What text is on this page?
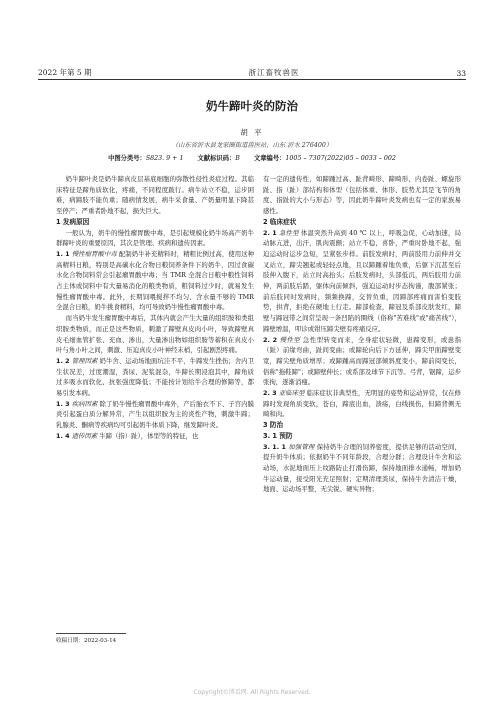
2022 年第 5 期	浙江畜牧兽医	33
奶牛蹄叶炎的防治
胡 平
（山东省沂水县龙家圈街道兽医站，山东 沂水 276400）
中图分类号：S823. 9 + 1 文献标识码：B 文章编号：1005 – 7307(2022)05 – 0033 – 002

奶牛蹄叶炎是奶牛蹄真皮层基底细胞的弥散性侵性炎症过程。其临床特征是蹄角质软化，疼痛，不同程度跛行。病牛站立不稳，运步困难，病蹄肢不能负重；随病情发展，病牛采食量、产奶量明显下降甚至停产；严重者卧地不起，损失巨大。

1 发病原因

一般认为，奶牛的慢性瘤胃酸中毒，是引起规模化奶牛场高产奶牛群蹄叶炎的重要原因，其次是管理、疾病和遗传因素。

1. 1 慢性瘤胃酸中毒 配制奶牛补充精料时，精粗比例过高，使用这种高精料日粮，特别是高碳水化合物日粮饲养条件下的奶牛，因过食碳水化合物饲料常会引起瘤胃酸中毒；当 TMR 全混合日粮中粮性饲料占主体或饲料中有大量易消化的粮类物质，粗饲料过少时，就易发生慢性瘤胃酸中毒。此外，长期饲喂搅拌不均匀、含水量不够的 TMR 全混合日粮，奶牛挑食精料，均可导致奶牛慢性瘤胃酸中毒。

而当奶牛发生瘤胃酸中毒后，其体内就会产生大量的组织胺和类组织胺类物质，而正是这些物质，刺激了蹄壁真皮肉小叶，导致蹄壁真皮毛细血管扩张、充血、渗出，大量渗出物如组织胺等蓄积在真皮小叶与角小叶之间，刺激、压迫真皮小叶神经末梢，引起剧烈疼痛。

1. 2 管理因素 奶牛舍、运动场地面坑洼不平，牛蹄发生挫伤；舍内卫生状况差，过度潮湿，粪尿、泥浆混杂，牛蹄长期浸泡其中，蹄角质过多吸水而软化、抗张强度降低；不能按计划给牛合理的修蹄等，都易引发本病。

1. 3 疾病因素 除了奶牛慢性瘤胃酸中毒外，产后胎衣不下、子宫内膜炎引起蛋白质分解异常，产生以组织胺为主的炎性产物，刺激牛蹄；乳腺炎、酮病等疾病均可引起奶牛体质下降，继发蹄叶炎。

1. 4 遗传因素 牛蹄（指）趾），体型等的特征，也

有一定的遗传性，如蹄踵过高、趾背畸形、蹄畸形、内卷趾、螺旋形趾、指（趾）部结构和体型（包括体重、体形、肢势尤其是飞节的角度、指趾的大小与形态）等，因此奶牛蹄叶炎发病也有一定的家族易感性。

2 临床症状

2. 1 急性型 体温突然升高到 40 ℃ 以上，呼吸急促，心动加速，局动脉亢进，出汗，肌肉震颤；站立不稳，喜卧，严重时卧地不起，强迫运动时运步急短，呈紧张步样。前肢发病时，两前肢用力前伸并交叉站立，蹄尖翘起或轻轻点地，且以蹄踵着地负重，后躯下沉甚至后肢伸入腹下，站立时高抬头；后肢发病时，头部低沉，两后肢用力前伸，两前肢后踏，躯体向前倾斜，强迫运动时步态拘谨，腹部紧张；前后肢同时发病时，频频换蹄，交替负重，因蹄部疼痛而害怕变肢势，拱背，拒绝在硬地上行走。蹄部检查，蹄冠及系部皮肤发红，蹄壁与蹄冠带之间常呈现一条凹陷的圈线（俗称"苦难线"或"痛苦线"），蹄壁增温，叩诊或钳压蹄尖壁有疼痛反应。

2. 2 慢性型 急性型转变而来，全身症状轻微，患蹄变形，或患指（趾）前缘弯曲，趾间变曲；或蹄轮向后下方延伸，蹄尖甲面蹄壁变宽，蹄尖壁角质增厚；或蹄踵高而蹄冠部倾斜度变小，蹄前阅变长，俗称"拖鞋蹄"；或蹄壁伸长；或系部及球节下沉等。弓背，锯蹄，运步张拘，逐渐消瘦。

2. 3 亚临床型 临床症状非典型性，无明显的姿势和运动异常，仅在修蹄时发现角质变软，苍白，蹄底出血，溃疡，白线损伤，但蹄背侧无畸和肉。

3 防治

3. 1 预防

3. 1. 1 加强管理 保持奶牛合理的饲养密度，提供足够的活动空间，提升奶牛体质；依据奶牛不同年龄段，合理分群；合理设计牛舍和运动场，水泥地面压上纹路防止打滑伤蹄，保持地面排水通畅，增加奶牛运动量，接受阳光充足照射；定期清理粪尿，保持牛舍清洁干燥，地面、运动场平整，无尖锐、硬实异物；

收稿日期：2022-03-14
Copyright©博看网. All Rights Reserved.
